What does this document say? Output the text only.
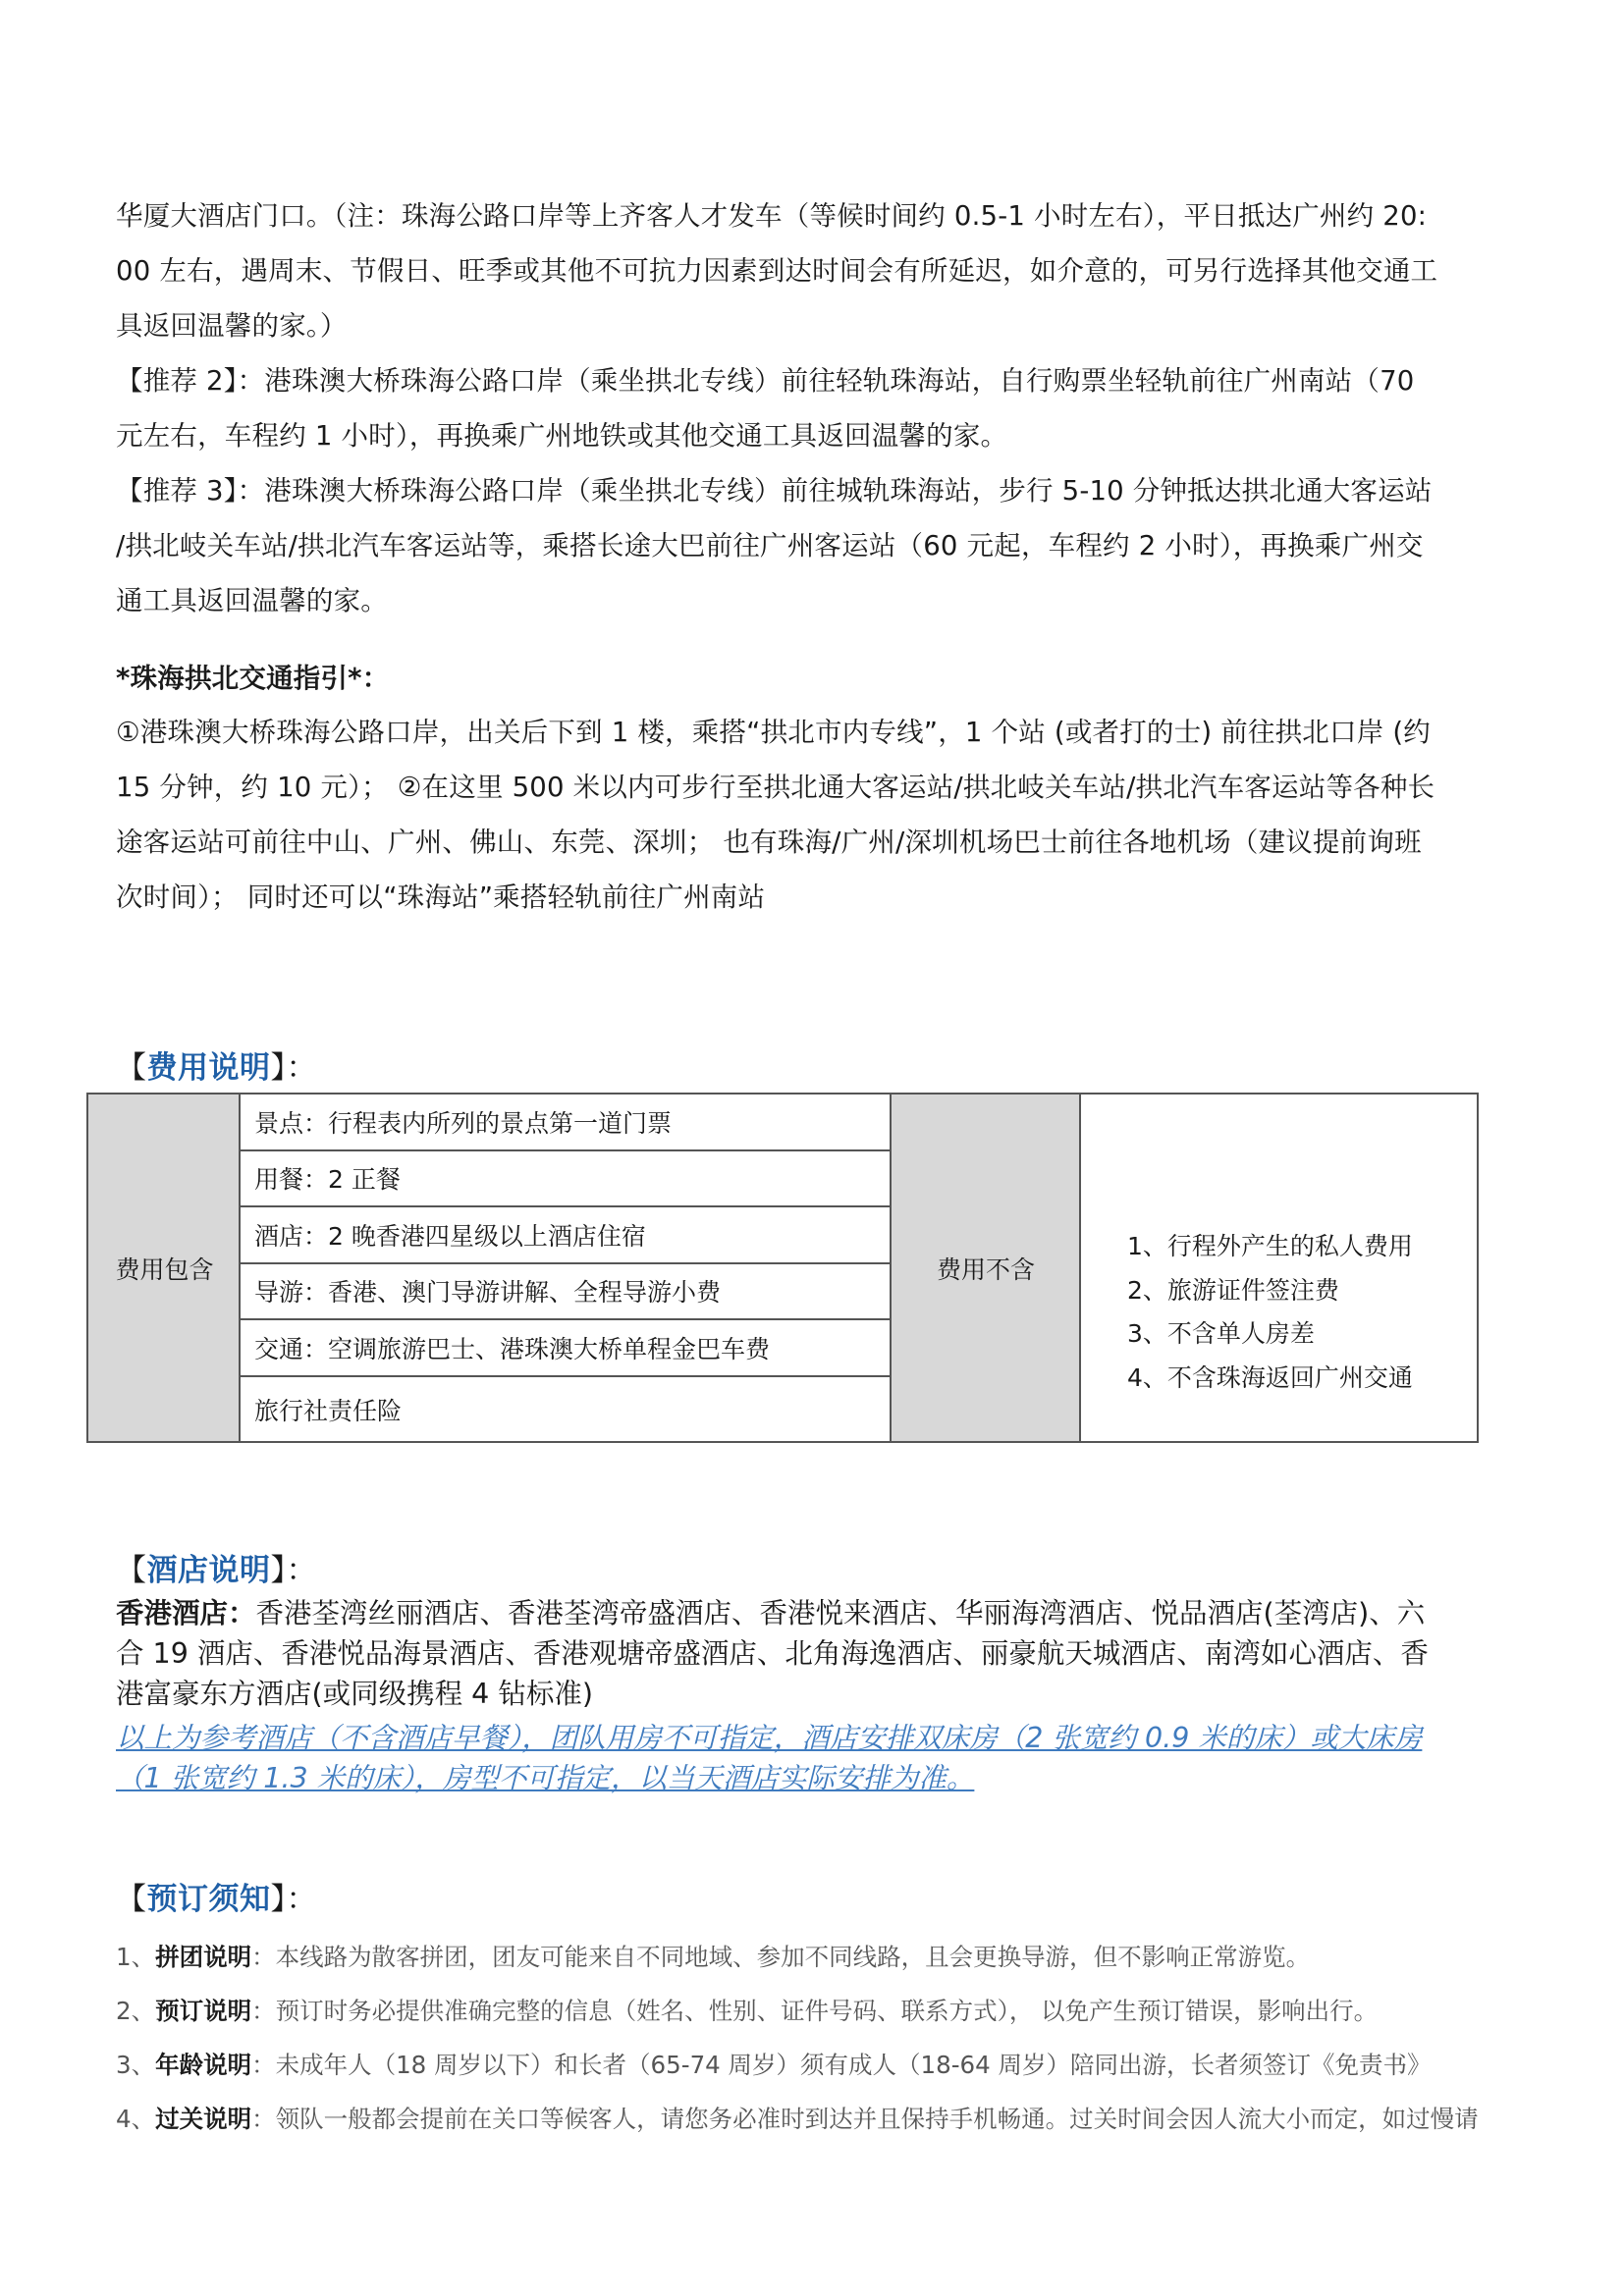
华厦大酒店门口。（注：珠海公路口岸等上齐客人才发车（等候时间约 0.5-1 小时左右），平日抵达广州约 20:
00 左右，遇周末、节假日、旺季或其他不可抗力因素到达时间会有所延迟，如介意的，可另行选择其他交通工
具返回温馨的家。）

【推荐 2】：港珠澳大桥珠海公路口岸（乘坐拱北专线）前往轻轨珠海站，自行购票坐轻轨前往广州南站（70
元左右，车程约 1 小时），再换乘广州地铁或其他交通工具返回温馨的家。

【推荐 3】：港珠澳大桥珠海公路口岸（乘坐拱北专线）前往城轨珠海站，步行 5-10 分钟抵达拱北通大客运站
/拱北岐关车站/拱北汽车客运站等，乘搭长途大巴前往广州客运站（60 元起，车程约 2 小时），再换乘广州交
通工具返回温馨的家。

*珠海拱北交通指引*：

①港珠澳大桥珠海公路口岸，出关后下到 1 楼，乘搭“拱北市内专线”，1 个站 (或者打的士) 前往拱北口岸 (约
15 分钟，约 10 元）； ②在这里 500 米以内可步行至拱北通大客运站/拱北岐关车站/拱北汽车客运站等各种长
途客运站可前往中山、广州、佛山、东莞、深圳； 也有珠海/广州/深圳机场巴士前往各地机场（建议提前询班
次时间）； 同时还可以“珠海站”乘搭轻轨前往广州南站

【费用说明】：
费用包含
景点：行程表内所列的景点第一道门票
用餐：2 正餐
酒店：2 晚香港四星级以上酒店住宿
导游：香港、澳门导游讲解、全程导游小费
交通：空调旅游巴士、港珠澳大桥单程金巴车费
旅行社责任险
费用不含
1、行程外产生的私人费用
2、旅游证件签注费
3、不含单人房差
4、不含珠海返回广州交通
【酒店说明】：

香港酒店：香港荃湾丝丽酒店、香港荃湾帝盛酒店、香港悦来酒店、华丽海湾酒店、悦品酒店(荃湾店)、六
合 19 酒店、香港悦品海景酒店、香港观塘帝盛酒店、北角海逸酒店、丽豪航天城酒店、南湾如心酒店、香
港富豪东方酒店(或同级携程 4 钻标准)

以上为参考酒店（不含酒店早餐），团队用房不可指定，酒店安排双床房（2 张宽约 0.9 米的床）或大床房
（1 张宽约 1.3 米的床），房型不可指定，以当天酒店实际安排为准。

【预订须知】：
1、拼团说明：本线路为散客拼团，团友可能来自不同地域、参加不同线路，且会更换导游，但不影响正常游览。
2、预订说明：预订时务必提供准确完整的信息（姓名、性别、证件号码、联系方式）， 以免产生预订错误，影响出行。
3、年龄说明：未成年人（18 周岁以下）和长者（65-74 周岁）须有成人（18-64 周岁）陪同出游，长者须签订《免责书》
4、过关说明：领队一般都会提前在关口等候客人，请您务必准时到达并且保持手机畅通。过关时间会因人流大小而定，如过慢请
